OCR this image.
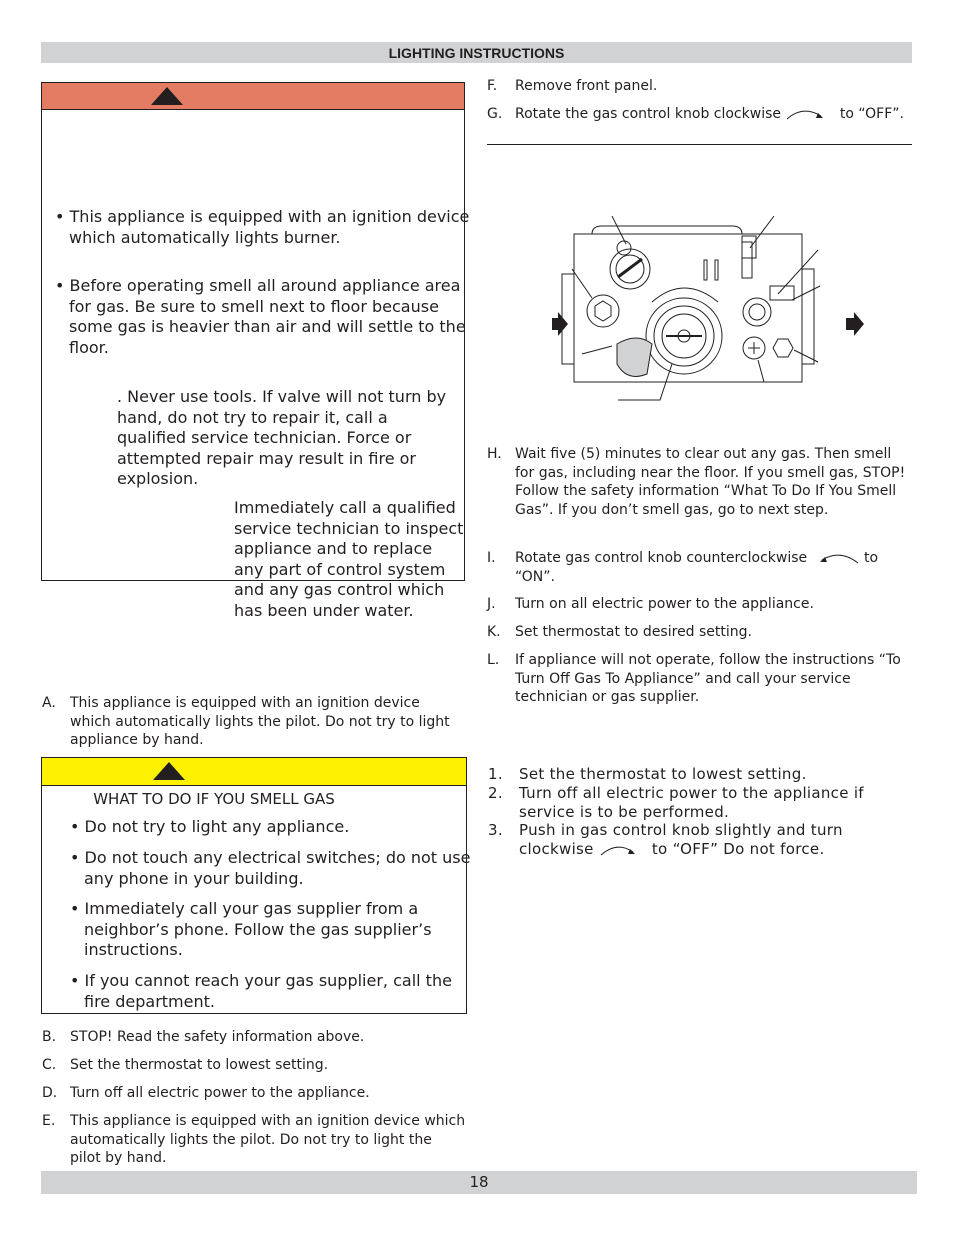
LIGHTING INSTRUCTIONS
• This appliance is equipped with an ignition device which automatically lights burner.
• Before operating smell all around appliance area for gas. Be sure to smell next to floor because some gas is heavier than air and will settle to the floor.
. Never use tools. If valve will not turn by hand, do not try to repair it, call a qualified service technician. Force or attempted repair may result in fire or explosion.
Immediately call a qualified service technician to inspect appliance and to replace any part of control system and any gas control which has been under water.
A. This appliance is equipped with an ignition device which automatically lights the pilot. Do not try to light appliance by hand.
WHAT TO DO IF YOU SMELL GAS
• Do not try to light any appliance.
• Do not touch any electrical switches; do not use any phone in your building.
• Immediately call your gas supplier from a neighbor’s phone. Follow the gas supplier’s instructions.
• If you cannot reach your gas supplier, call the fire department.
B. STOP! Read the safety information above.
C. Set the thermostat to lowest setting.
D. Turn off all electric power to the appliance.
E. This appliance is equipped with an ignition device which automatically lights the pilot. Do not try to light the pilot by hand.
F. Remove front panel.
G. Rotate the gas control knob clockwise	to “OFF”.
H. Wait five (5) minutes to clear out any gas. Then smell for gas, including near the floor. If you smell gas, STOP! Follow the safety information “What To Do If You Smell Gas”. If you don’t smell gas, go to next step.
I. Rotate gas control knob counterclockwise	to “ON”.
J. Turn on all electric power to the appliance.
K. Set thermostat to desired setting.
L. If appliance will not operate, follow the instructions “To Turn Off Gas To Appliance” and call your service technician or gas supplier.
1. Set the thermostat to lowest setting.
2. Turn off all electric power to the appliance if service is to be performed.
3. Push in gas control knob slightly and turn clockwise	to “OFF” Do not force.
18
